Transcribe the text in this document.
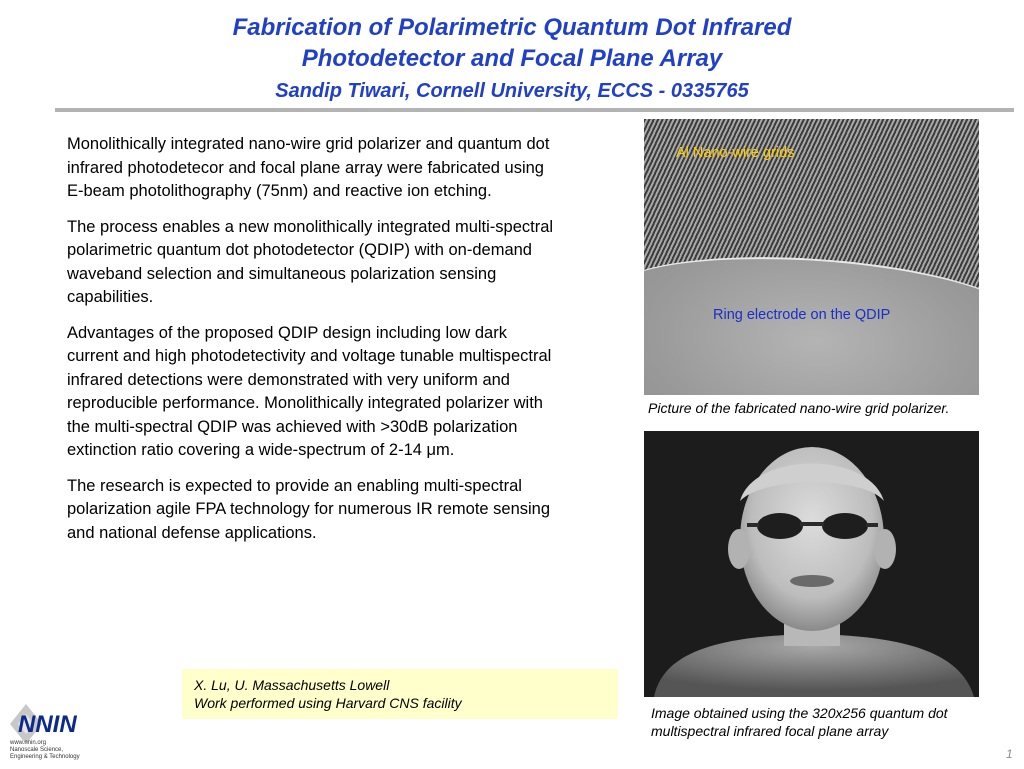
Fabrication of Polarimetric Quantum Dot Infrared
Photodetector and Focal Plane Array
Sandip Tiwari, Cornell University, ECCS - 0335765

Monolithically integrated nano-wire grid polarizer and quantum dot infrared photodetecor and focal plane array were fabricated using E-beam photolithography (75nm) and reactive ion etching.

The process enables a new monolithically integrated multi-spectral polarimetric quantum dot photodetector (QDIP) with on-demand waveband selection and simultaneous polarization sensing capabilities.

Advantages of the proposed QDIP design including low dark current and high photodetectivity and voltage tunable multispectral infrared detections were demonstrated with very uniform and reproducible performance. Monolithically integrated polarizer with the multi-spectral QDIP was achieved with >30dB polarization extinction ratio covering a wide-spectrum of 2-14 μm.

The research is expected to provide an enabling multi-spectral polarization agile FPA technology for numerous IR remote sensing and national defense applications.

X. Lu, U. Massachusetts Lowell
Work performed using Harvard CNS facility
Al Nano-wire grids
Ring electrode on the QDIP
Picture of the fabricated nano-wire grid polarizer.
Image obtained using the 320x256 quantum dot multispectral infrared focal plane array
NNIN
www.nnin.org
Nanoscale Science,
Engineering & Technology	1
